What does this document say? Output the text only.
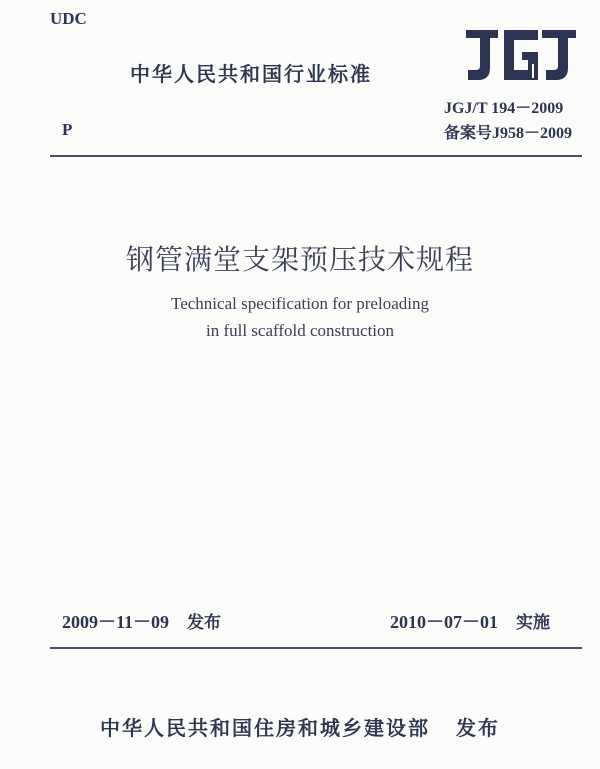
UDC
中华人民共和国行业标准
JGJ/T 194－2009
备案号J958－2009
P
钢管满堂支架预压技术规程
Technical specification for preloading
in full scaffold construction
2009－11－09 发布	2010－07－01 实施
中华人民共和国住房和城乡建设部 发布
